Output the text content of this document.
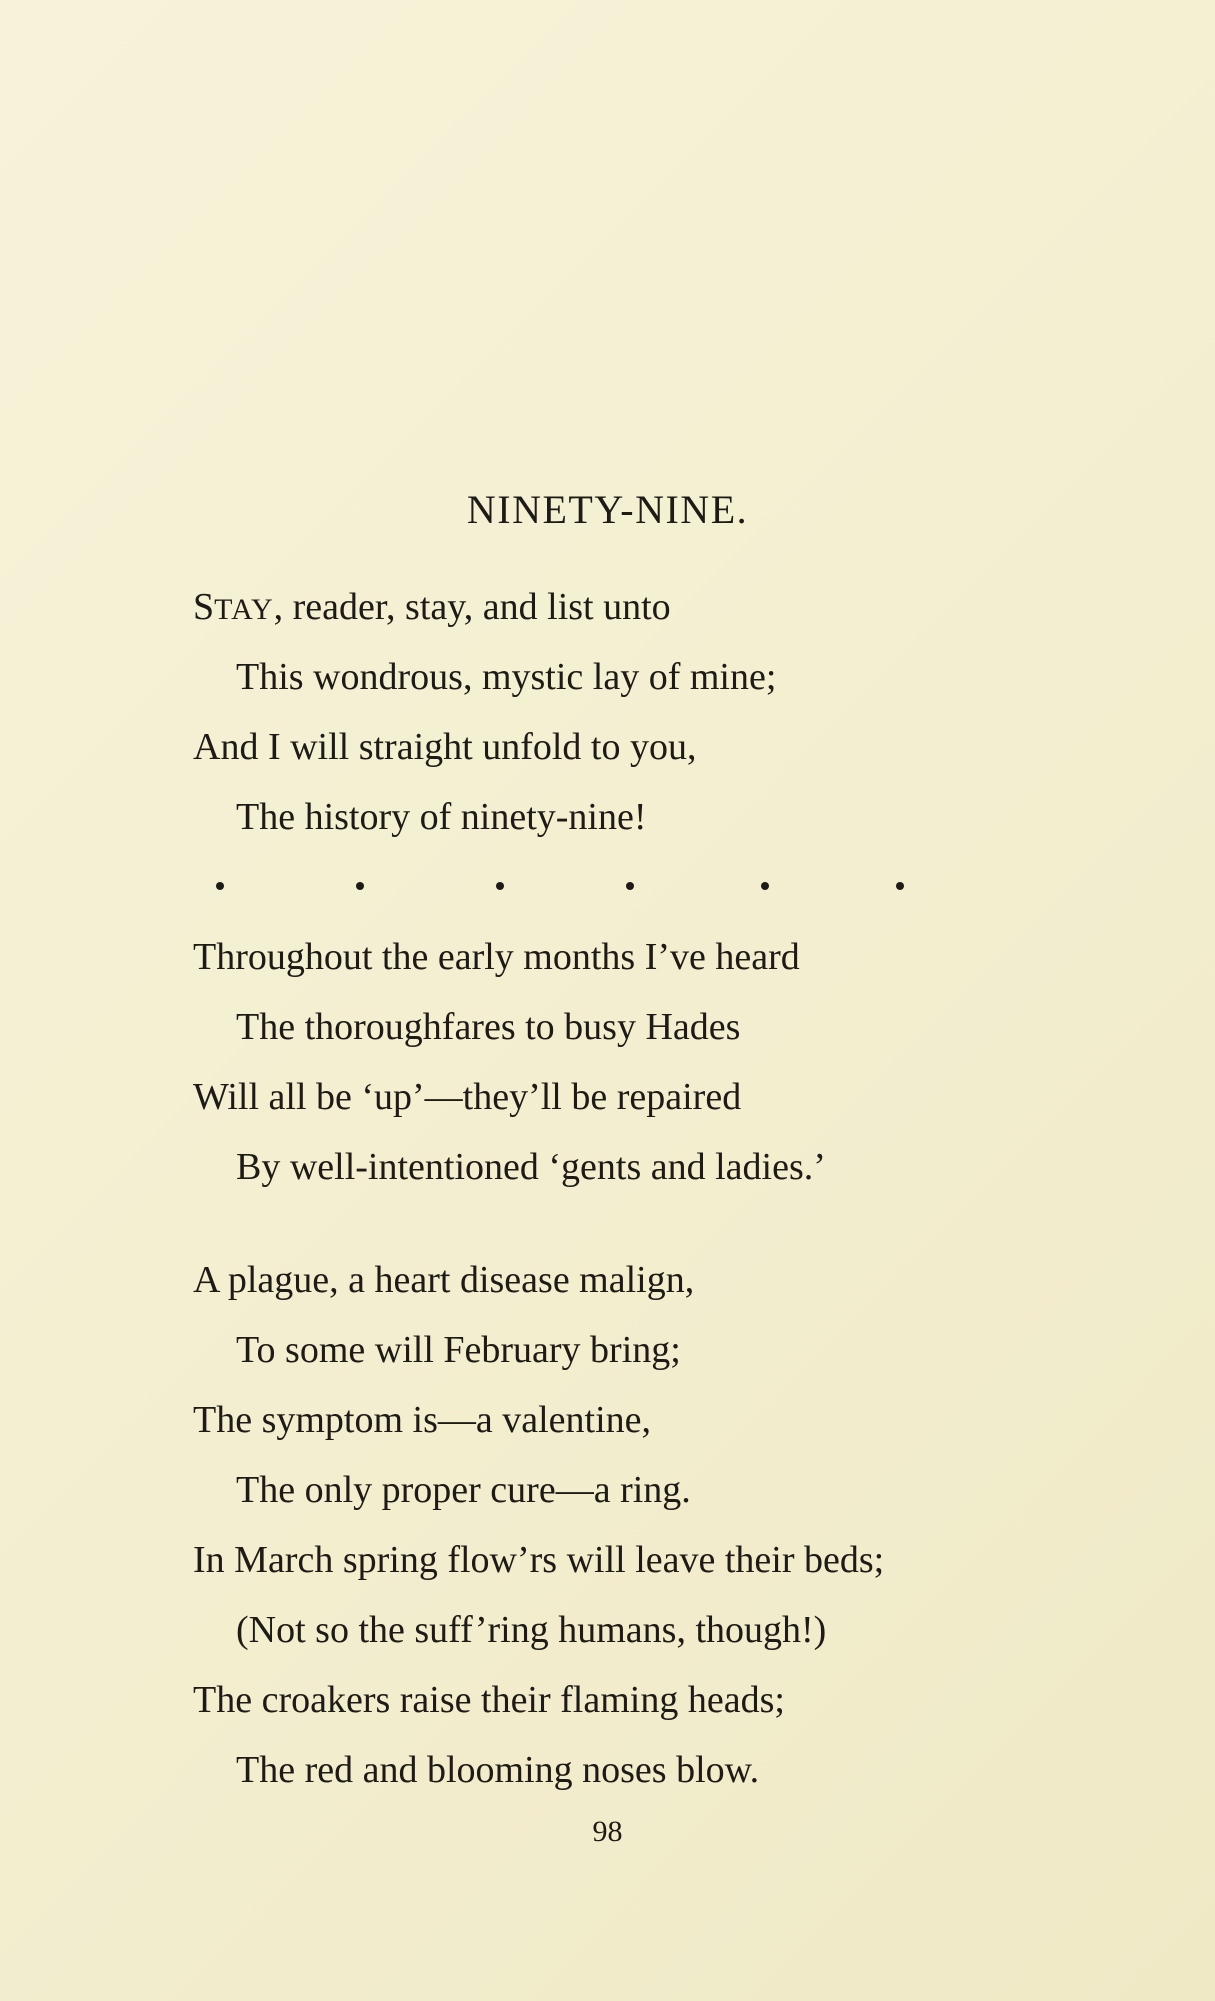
NINETY-NINE.
STAY, reader, stay, and list unto
This wondrous, mystic lay of mine;
And I will straight unfold to you,
The history of ninety-nine!
Throughout the early months I’ve heard
The thoroughfares to busy Hades
Will all be ‘up’—they’ll be repaired
By well-intentioned ‘gents and ladies.’
A plague, a heart disease malign,
To some will February bring;
The symptom is—a valentine,
The only proper cure—a ring.
In March spring flow’rs will leave their beds;
(Not so the suff’ring humans, though!)
The croakers raise their flaming heads;
The red and blooming noses blow.
98
